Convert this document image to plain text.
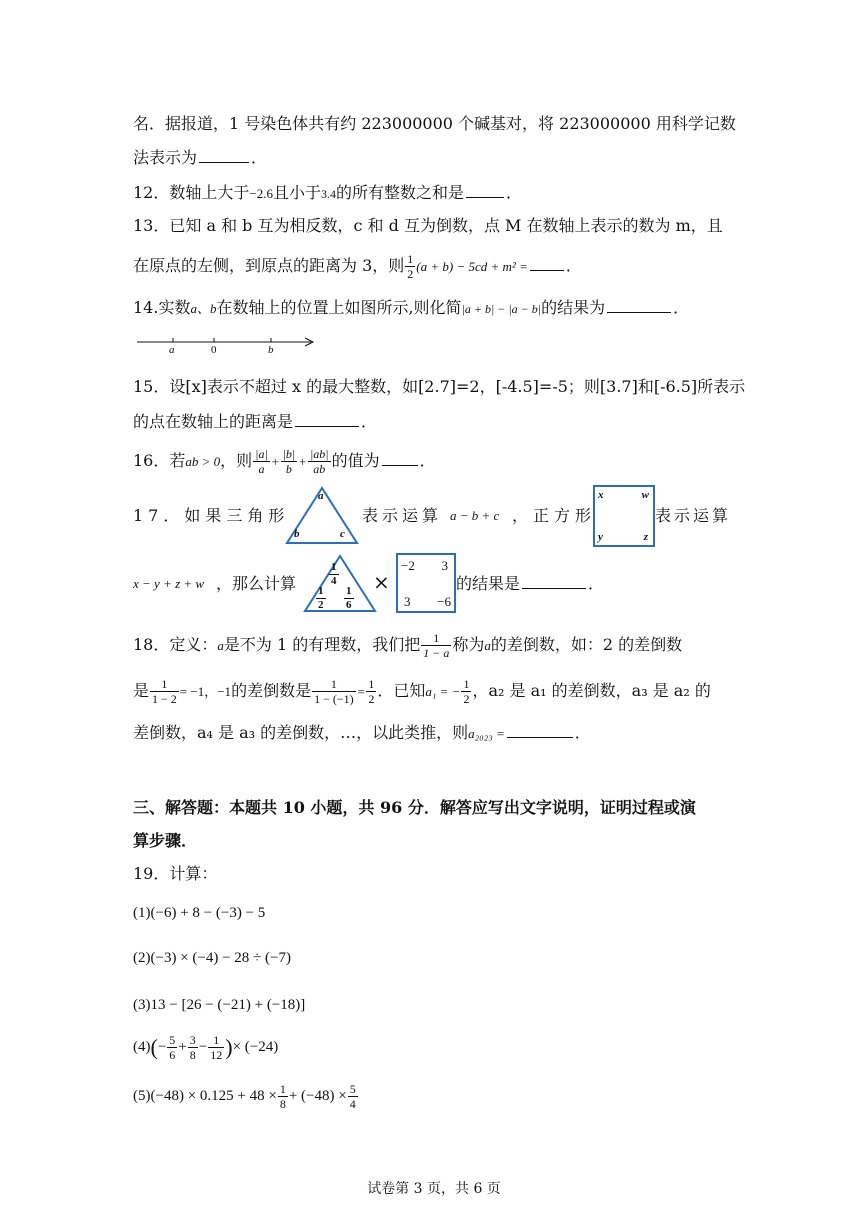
名．据报道，1 号染色体共有约 223000000 个碱基对，将 223000000 用科学记数
法表示为	．
12．数轴上大于−2.6且小于3.4的所有整数之和是	．
13．已知 a 和 b 互为相反数，c 和 d 互为倒数，点 M 在数轴上表示的数为 m，且
在原点的左侧，到原点的距离为 3，则 $\frac{1}{2} (a + b) - 5cd + m^2$ = ．
14.实数a、b在数轴上的位置上如图所示,则化简|a + b| − |a − b|的结果为	．
a	0	b
15．设[x]表示不超过 x 的最大整数，如[2.7]=2，[-4.5]=-5；则[3.7]和[-6.5]所表示
的点在数轴上的距离是	．
16．若ab > 0，则 $\frac{|a|}{a} + \frac{|b|}{b} + \frac{|ab|}{ab}$ 的值为	．
17．如果三角形
a
b	c
表示运算 a − b + c ，正方形
x	w
y	z
表示运算
x − y + z + w ，那么计算	$\frac{1}{4}$
$\frac{1}{2} \frac{1}{6}$
×
−2 3
3 −6
的结果是	．
18．定义：a是不为 1 的有理数，我们把 $\frac{1}{1 - a}$ 称为a的差倒数，如：2 的差倒数
是 $\frac{1}{1 - 2} = -1$，−1的差倒数是 $\frac{1}{1 - (-1)} = \frac{1}{2}$ ．已知a₁ = − $\frac{1}{2}$ ，a₂ 是 a₁ 的差倒数，a₃ 是 a₂ 的
差倒数，a₄ 是 a₃ 的差倒数，…，以此类推，则a₂₀₂₃ =	．
三、解答题：本题共 10 小题，共 96 分．解答应写出文字说明，证明过程或演
算步骤．
19．计算：
(1)(−6) + 8 − (−3) − 5
(2)(−3) × (−4) − 28 ÷ (−7)
(3)13 − [26 − (−21) + (−18)]
$(4)(- \frac{5}{6} + \frac{3}{8} - \frac{1}{12}$ )× (−24)
$(5)(-48) \times 0.125 + 48 \times \frac{1}{8} + (-48) \times \frac{5}{4}$
试卷第 3 页，共 6 页
